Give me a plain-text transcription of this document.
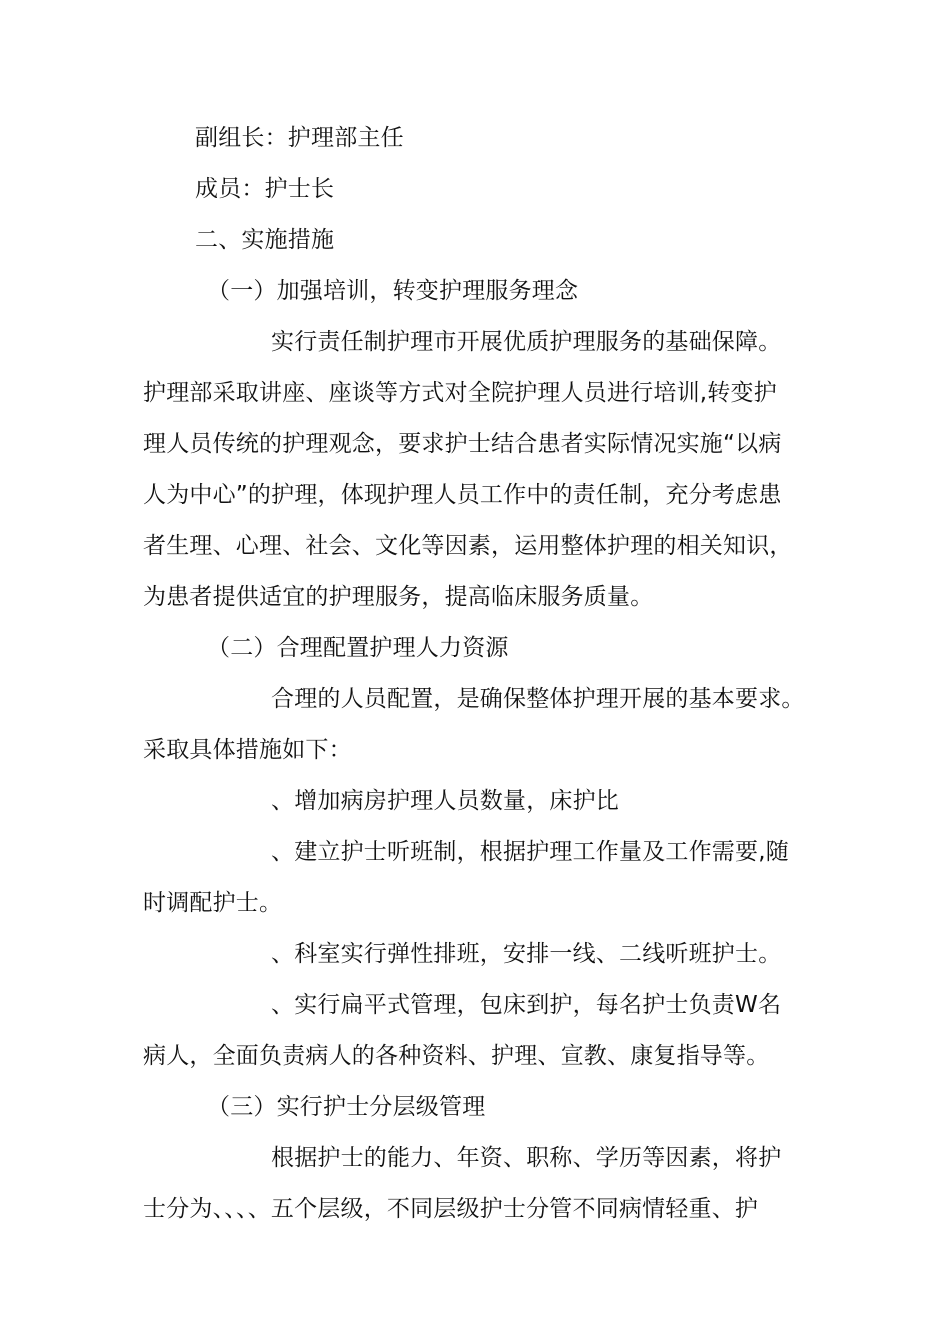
副组长：护理部主任
成员：护士长
二、实施措施
（一）加强培训，转变护理服务理念
实行责任制护理市开展优质护理服务的基础保障。
护理部采取讲座、座谈等方式对全院护理人员进行培训,转变护
理人员传统的护理观念，要求护士结合患者实际情况实施“以病
人为中心”的护理，体现护理人员工作中的责任制，充分考虑患
者生理、心理、社会、文化等因素，运用整体护理的相关知识，
为患者提供适宜的护理服务，提高临床服务质量。
（二）合理配置护理人力资源
合理的人员配置，是确保整体护理开展的基本要求。
采取具体措施如下：
、增加病房护理人员数量，床护比
、建立护士听班制，根据护理工作量及工作需要,随
时调配护士。
、科室实行弹性排班，安排一线、二线听班护士。
、实行扁平式管理，包床到护，每名护士负责W名
病人，全面负责病人的各种资料、护理、宣教、康复指导等。
（三）实行护士分层级管理
根据护士的能力、年资、职称、学历等因素，将护
士分为、、、、五个层级，不同层级护士分管不同病情轻重、护
